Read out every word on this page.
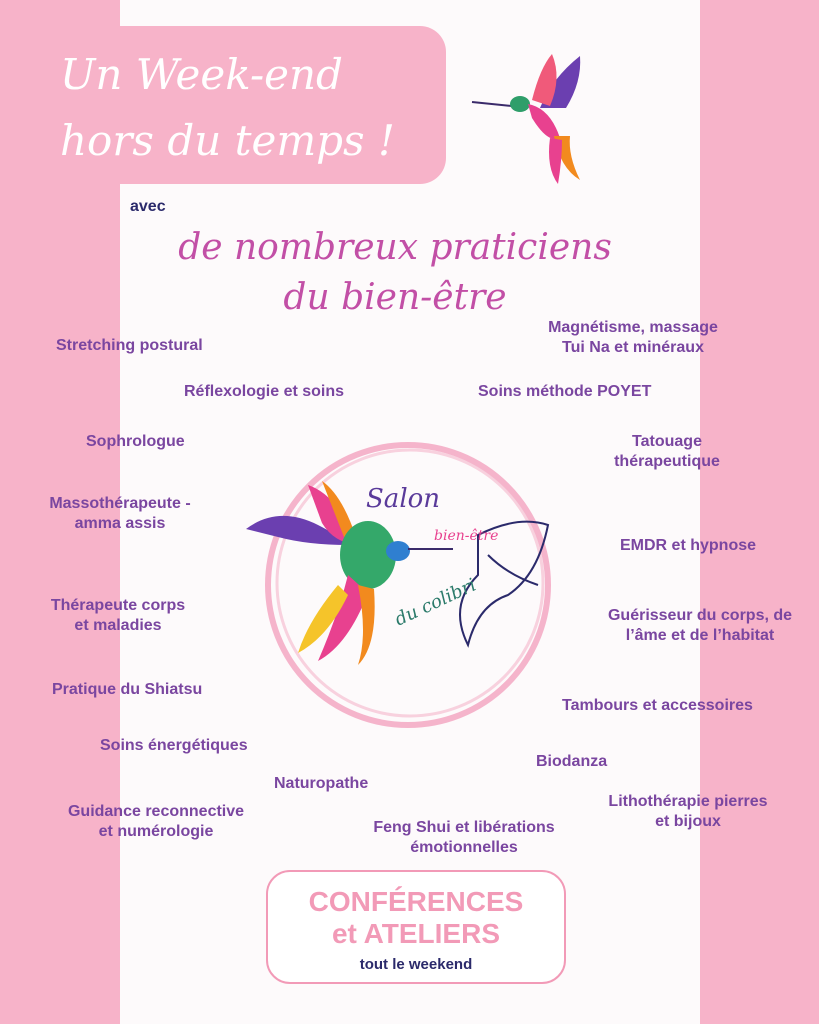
Un Week-end
hors du temps !
avec
de nombreux praticiens
du bien-être
Salon
bien-être
du colibri
Stretching postural
Magnétisme, massage
Tui Na et minéraux
Réflexologie et soins	Soins méthode POYET
Sophrologue	Tatouage
thérapeutique
Massothérapeute -
amma assis
EMDR et hypnose
Thérapeute corps
et maladies
Guérisseur du corps, de
l’âme et de l’habitat
Pratique du Shiatsu
Tambours et accessoires
Soins énergétiques
Biodanza
Naturopathe
Guidance reconnective
et numérologie	Feng Shui et libérations
émotionnelles
Lithothérapie pierres
et bijoux
CONFÉRENCES
et ATELIERS
tout le weekend
